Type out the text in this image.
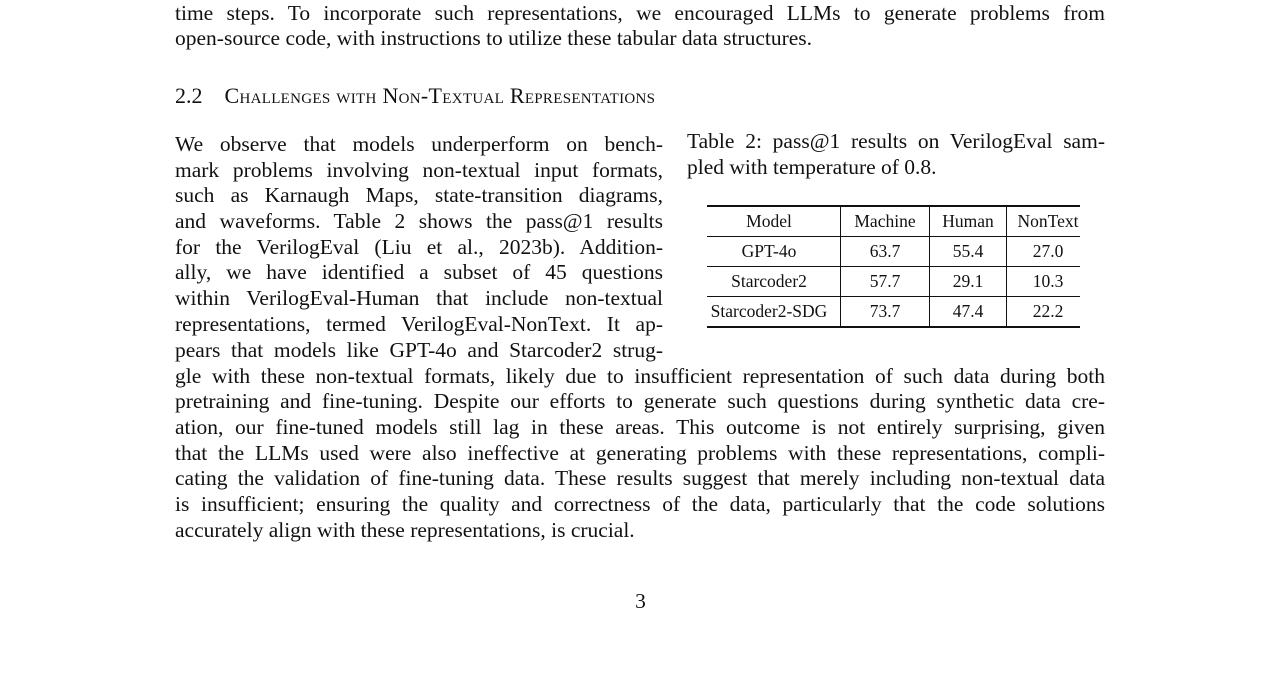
time steps. To incorporate such representations, we encouraged LLMs to generate problems from
open-source code, with instructions to utilize these tabular data structures.
2.2 Challenges with Non-Textual Representations
We observe that models underperform on bench-
mark problems involving non-textual input formats,
such as Karnaugh Maps, state-transition diagrams,
and waveforms. Table 2 shows the pass@1 results
for the VerilogEval (Liu et al., 2023b). Addition-
ally, we have identified a subset of 45 questions
within VerilogEval-Human that include non-textual
representations, termed VerilogEval-NonText. It ap-
pears that models like GPT-4o and Starcoder2 strug-
gle with these non-textual formats, likely due to insufficient representation of such data during both
pretraining and fine-tuning. Despite our efforts to generate such questions during synthetic data cre-
ation, our fine-tuned models still lag in these areas. This outcome is not entirely surprising, given
that the LLMs used were also ineffective at generating problems with these representations, compli-
cating the validation of fine-tuning data. These results suggest that merely including non-textual data
is insufficient; ensuring the quality and correctness of the data, particularly that the code solutions
accurately align with these representations, is crucial.
Table 2: pass@1 results on VerilogEval sam-
pled with temperature of 0.8.
Model	Machine	Human	NonText
GPT-4o	63.7	55.4	27.0
Starcoder2	57.7	29.1	10.3
Starcoder2-SDG	73.7	47.4	22.2
3
